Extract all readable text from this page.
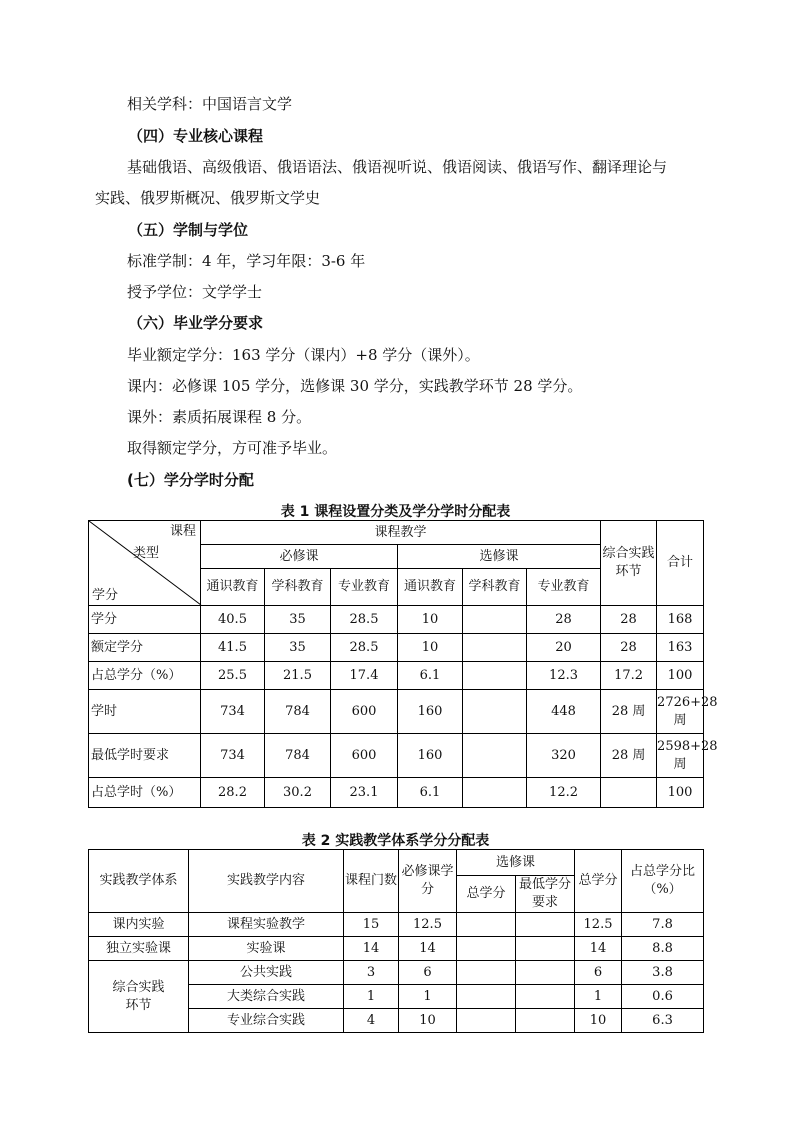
相关学科：中国语言文学
（四）专业核心课程
基础俄语、高级俄语、俄语语法、俄语视听说、俄语阅读、俄语写作、翻译理论与
实践、俄罗斯概况、俄罗斯文学史
（五）学制与学位
标准学制：4 年，学习年限：3-6 年
授予学位：文学学士
（六）毕业学分要求
毕业额定学分：163 学分（课内）+8 学分（课外）。
课内：必修课 105 学分，选修课 30 学分，实践教学环节 28 学分。
课外：素质拓展课程 8 分。
取得额定学分，方可准予毕业。
(七）学分学时分配
表 1 课程设置分类及学分学时分配表
课程
类型
学分	课程教学						综合实践环节	合计
	必修课			选修课				
	通识教育	学科教育	专业教育	通识教育	学科教育	专业教育		
学分	40.5	35	28.5	10		28	28	168
额定学分	41.5	35	28.5	10		20	28	163
占总学分（%）	25.5	21.5	17.4	6.1		12.3	17.2	100
学时	734	784	600	160		448	28 周	2726+28 周
最低学时要求	734	784	600	160		320	28 周	2598+28 周
占总学时（%）	28.2	30.2	23.1	6.1		12.2		100
表 2 实践教学体系学分分配表
实践教学体系	实践教学内容	课程门数	必修课学分	选修课		总学分	占总学分比（%）
				总学分	最低学分要求		
课内实验	课程实验教学	15	12.5			12.5	7.8
独立实验课	实验课	14	14			14	8.8
综合实践环节	公共实践	3	6			6	3.8
	大类综合实践	1	1			1	0.6
	专业综合实践	4	10			10	6.3
